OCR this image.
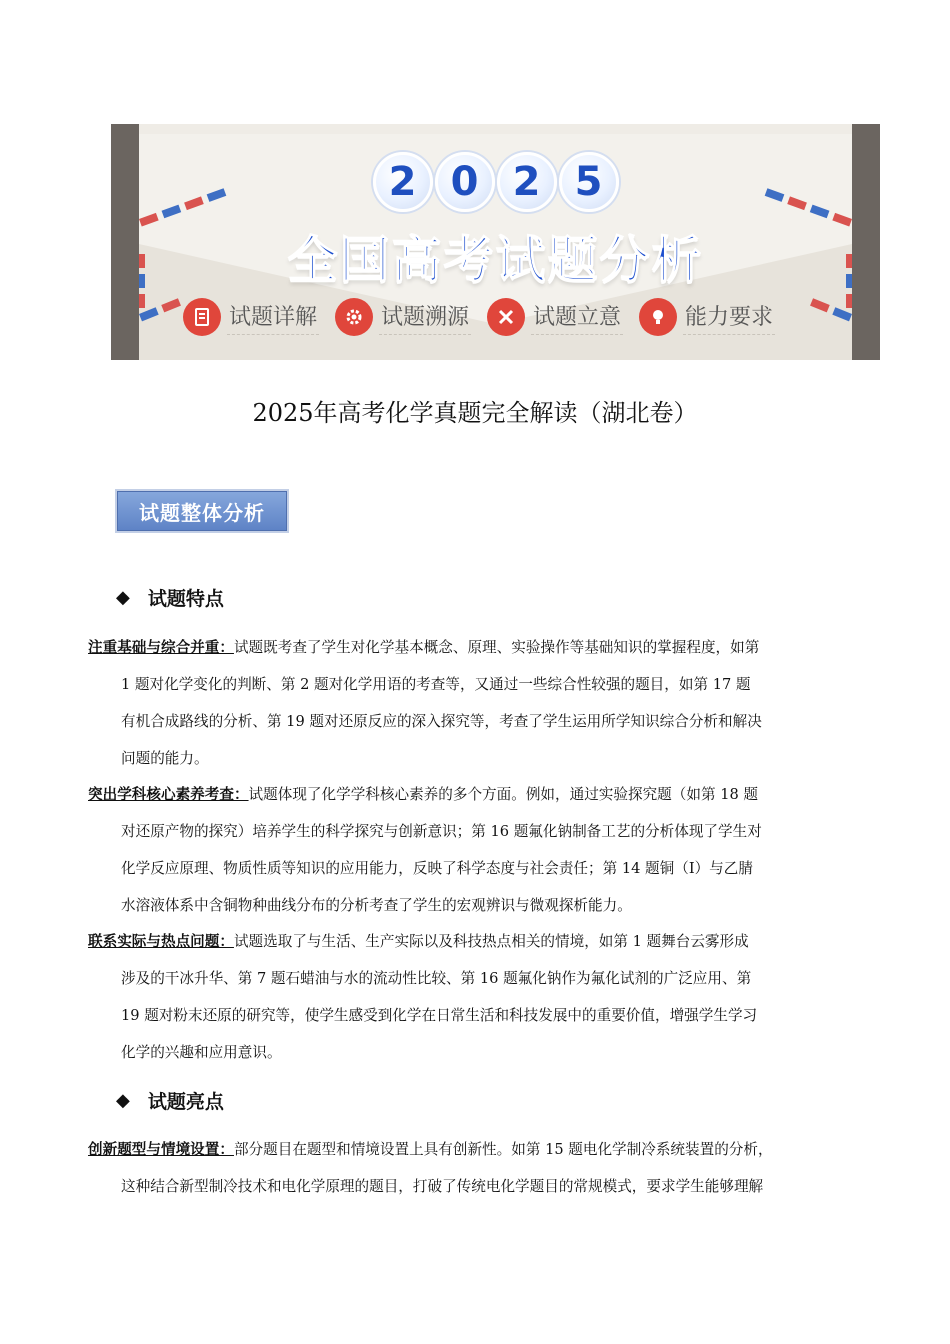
2 0 2 5
全国高考试题分析
试题详解	试题溯源	试题立意	能力要求
2025年高考化学真题完全解读（湖北卷）
试题整体分析
◆ 试题特点
注重基础与综合并重：试题既考查了学生对化学基本概念、原理、实验操作等基础知识的掌握程度，如第
1 题对化学变化的判断、第 2 题对化学用语的考查等，又通过一些综合性较强的题目，如第 17 题
有机合成路线的分析、第 19 题对还原反应的深入探究等，考查了学生运用所学知识综合分析和解决
问题的能力。
突出学科核心素养考查：试题体现了化学学科核心素养的多个方面。例如，通过实验探究题（如第 18 题
对还原产物的探究）培养学生的科学探究与创新意识；第 16 题氟化钠制备工艺的分析体现了学生对
化学反应原理、物质性质等知识的应用能力，反映了科学态度与社会责任；第 14 题铜（I）与乙腈
水溶液体系中含铜物种曲线分布的分析考查了学生的宏观辨识与微观探析能力。
联系实际与热点问题：试题选取了与生活、生产实际以及科技热点相关的情境，如第 1 题舞台云雾形成
涉及的干冰升华、第 7 题石蜡油与水的流动性比较、第 16 题氟化钠作为氟化试剂的广泛应用、第
19 题对粉末还原的研究等，使学生感受到化学在日常生活和科技发展中的重要价值，增强学生学习
化学的兴趣和应用意识。
◆ 试题亮点
创新题型与情境设置：部分题目在题型和情境设置上具有创新性。如第 15 题电化学制冷系统装置的分析，
这种结合新型制冷技术和电化学原理的题目，打破了传统电化学题目的常规模式，要求学生能够理解
